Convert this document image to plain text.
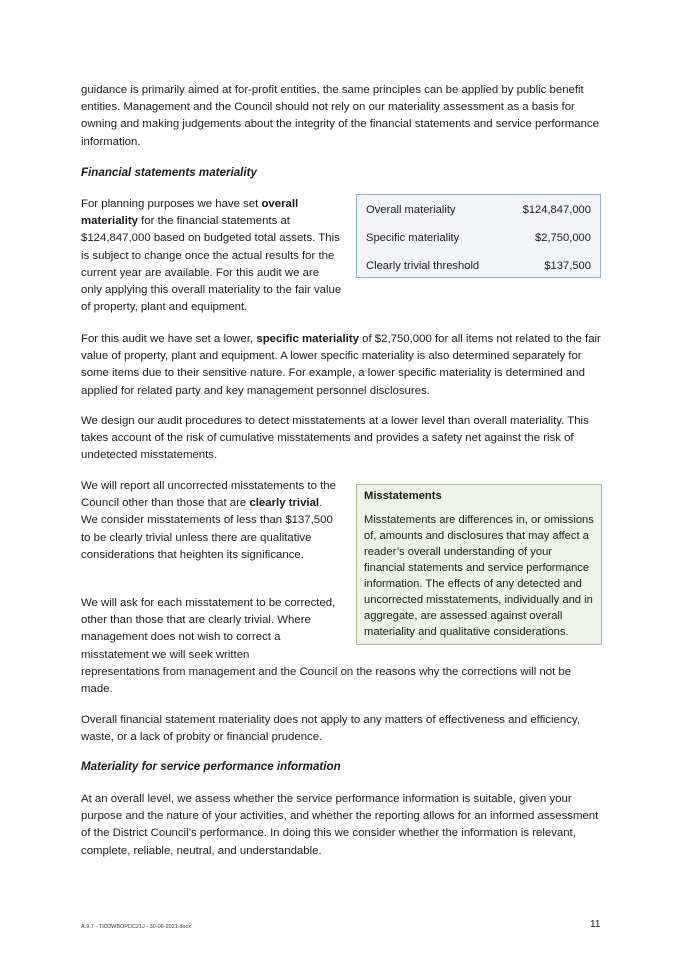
guidance is primarily aimed at for-profit entities, the same principles can be applied by public benefit entities. Management and the Council should not rely on our materiality assessment as a basis for owning and making judgements about the integrity of the financial statements and service performance information.

Financial statements materiality

For planning purposes we have set overall materiality for the financial statements at $124,847,000 based on budgeted total assets. This is subject to change once the actual results for the current year are available. For this audit we are only applying this overall materiality to the fair value of property, plant and equipment.

Overall materiality	$124,847,000
Specific materiality	$2,750,000
Clearly trivial threshold	$137,500

For this audit we have set a lower, specific materiality of $2,750,000 for all items not related to the fair value of property, plant and equipment. A lower specific materiality is also determined separately for some items due to their sensitive nature. For example, a lower specific materiality is determined and applied for related party and key management personnel disclosures.

We design our audit procedures to detect misstatements at a lower level than overall materiality. This takes account of the risk of cumulative misstatements and provides a safety net against the risk of undetected misstatements.

We will report all uncorrected misstatements to the Council other than those that are clearly trivial. We consider misstatements of less than $137,500 to be clearly trivial unless there are qualitative considerations that heighten its significance.

Misstatements

Misstatements are differences in, or omissions of, amounts and disclosures that may affect a reader’s overall understanding of your financial statements and service performance information. The effects of any detected and uncorrected misstatements, individually and in aggregate, are assessed against overall materiality and qualitative considerations.

We will ask for each misstatement to be corrected, other than those that are clearly trivial. Where management does not wish to correct a misstatement we will seek written

representations from management and the Council on the reasons why the corrections will not be made.

Overall financial statement materiality does not apply to any matters of effectiveness and efficiency, waste, or a lack of probity or financial prudence.

Materiality for service performance information

At an overall level, we assess whether the service performance information is suitable, given your purpose and the nature of your activities, and whether the reporting allows for an informed assessment of the District Council’s performance. In doing this we consider whether the information is relevant, complete, reliable, neutral, and understandable.

A.9.7 - T933WBOPDC21J - 30-06-2021.docx	11
